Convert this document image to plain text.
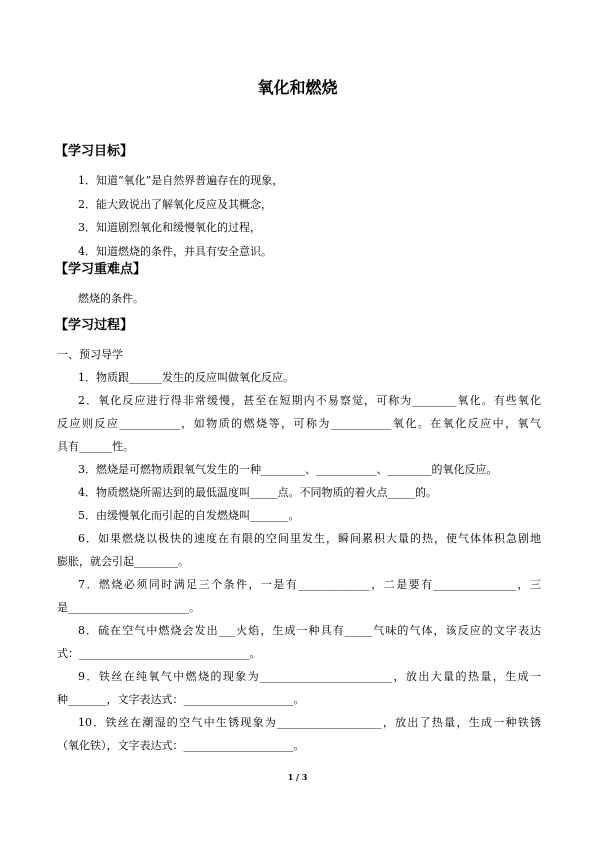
氧化和燃烧
【学习目标】
1．知道“氧化”是自然界普遍存在的现象，
2．能大致说出了解氧化反应及其概念，
3．知道剧烈氧化和缓慢氧化的过程，
4．知道燃烧的条件，并具有安全意识。
【学习重难点】
燃烧的条件。
【学习过程】
一、预习导学
1．物质跟______发生的反应叫做氧化反应。
2．氧化反应进行得非常缓慢，甚至在短期内不易察觉，可称为________氧化。有些氧化
反应则反应___________，如物质的燃烧等，可称为___________氧化。在氧化反应中，氧气
具有______性。
3．燃烧是可燃物质跟氧气发生的一种________、___________、________的氧化反应。
4．物质燃烧所需达到的最低温度叫_____点。不同物质的着火点_____的。
5．由缓慢氧化而引起的自发燃烧叫_______。
6．如果燃烧以极快的速度在有限的空间里发生，瞬间累积大量的热，使气体体积急剧地
膨胀，就会引起________。
7．燃烧必须同时满足三个条件，一是有_____________，二是要有_______________，三
是______________________。
8．硫在空气中燃烧会发出___火焰，生成一种具有_____气味的气体，该反应的文字表达
式：_______________________________。
9．铁丝在纯氧气中燃烧的现象为________________________，放出大量的热量，生成一
种_______，文字表达式：____________________。
10．铁丝在潮湿的空气中生锈现象为___________________，放出了热量，生成一种铁锈
（氧化铁），文字表达式：____________________。
1 / 3
